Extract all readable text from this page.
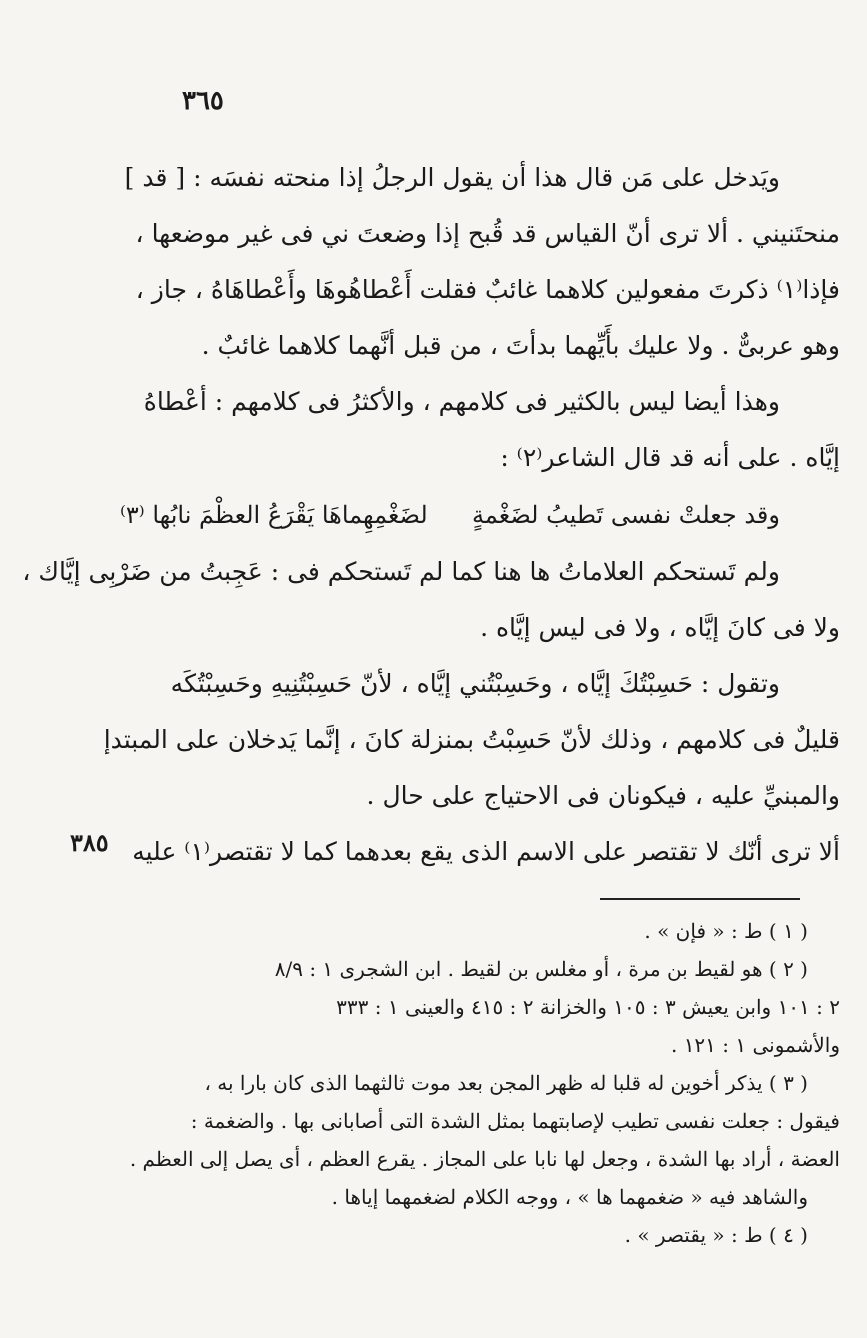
٣٦٥
ويَدخل على مَن قال هذا أن يقول الرجلُ إذا منحته نفسَه : [ قد ]
منحتَنيني . ألا ترى أنّ القياس قد قُبح إذا وضعتَ ني فى غير موضعها ،
فإذا⁽١⁾ ذكرتَ مفعولين كلاهما غائبٌ فقلت أَعْطاهُوهَا وأَعْطاهَاهُ ، جاز ،
وهو عربىٌّ . ولا عليك بأَيِّهما بدأتَ ، من قبل أنَّهما كلاهما غائبٌ .
وهذا أيضا ليس بالكثير فى كلامهم ، والأكثرُ فى كلامهم : أعْطاهُ
إيَّاه . على أنه قد قال الشاعر⁽٢⁾ :
وقد جعلتْ نفسى تَطيبُ لضَغْمةٍ
لضَغْمِهِماهَا يَقْرَعُ العظْمَ نابُها ⁽٣⁾
ولم تَستحكم العلاماتُ ها هنا كما لم تَستحكم فى : عَجِبتُ من ضَرْبِى إيَّاك ،
ولا فى كانَ إيَّاه ، ولا فى ليس إيَّاه .
وتقول : حَسِبْتُكَ إيَّاه ، وحَسِبْتُني إيَّاه ، لأنّ حَسِبْتُنِيهِ وحَسِبْتُكَه
قليلٌ فى كلامهم ، وذلك لأنّ حَسِبْتُ بمنزلة كانَ ، إنَّما يَدخلان على المبتدإ
والمبنيِّ عليه ، فيكونان فى الاحتياج على حال .
ألا ترى أنّك لا تقتصر على الاسم الذى يقع بعدهما كما لا تقتصر⁽١⁾ عليه
٣٨٥
( ١ ) ط : « فإن » .
( ٢ ) هو لقيط بن مرة ، أو مغلس بن لقيط . ابن الشجرى ١ : ٨/٩
٢ : ١٠١ وابن يعيش ٣ : ١٠٥ والخزانة ٢ : ٤١٥ والعينى ١ : ٣٣٣
والأشمونى ١ : ١٢١ .
( ٣ ) يذكر أخوين له قلبا له ظهر المجن بعد موت ثالثهما الذى كان بارا به ،
فيقول : جعلت نفسى تطيب لإصابتهما بمثل الشدة التى أصابانى بها . والضغمة :
العضة ، أراد بها الشدة ، وجعل لها نابا على المجاز . يقرع العظم ، أى يصل إلى العظم .
والشاهد فيه « ضغمهما ها » ، ووجه الكلام لضغمهما إياها .
( ٤ ) ط : « يقتصر » .
